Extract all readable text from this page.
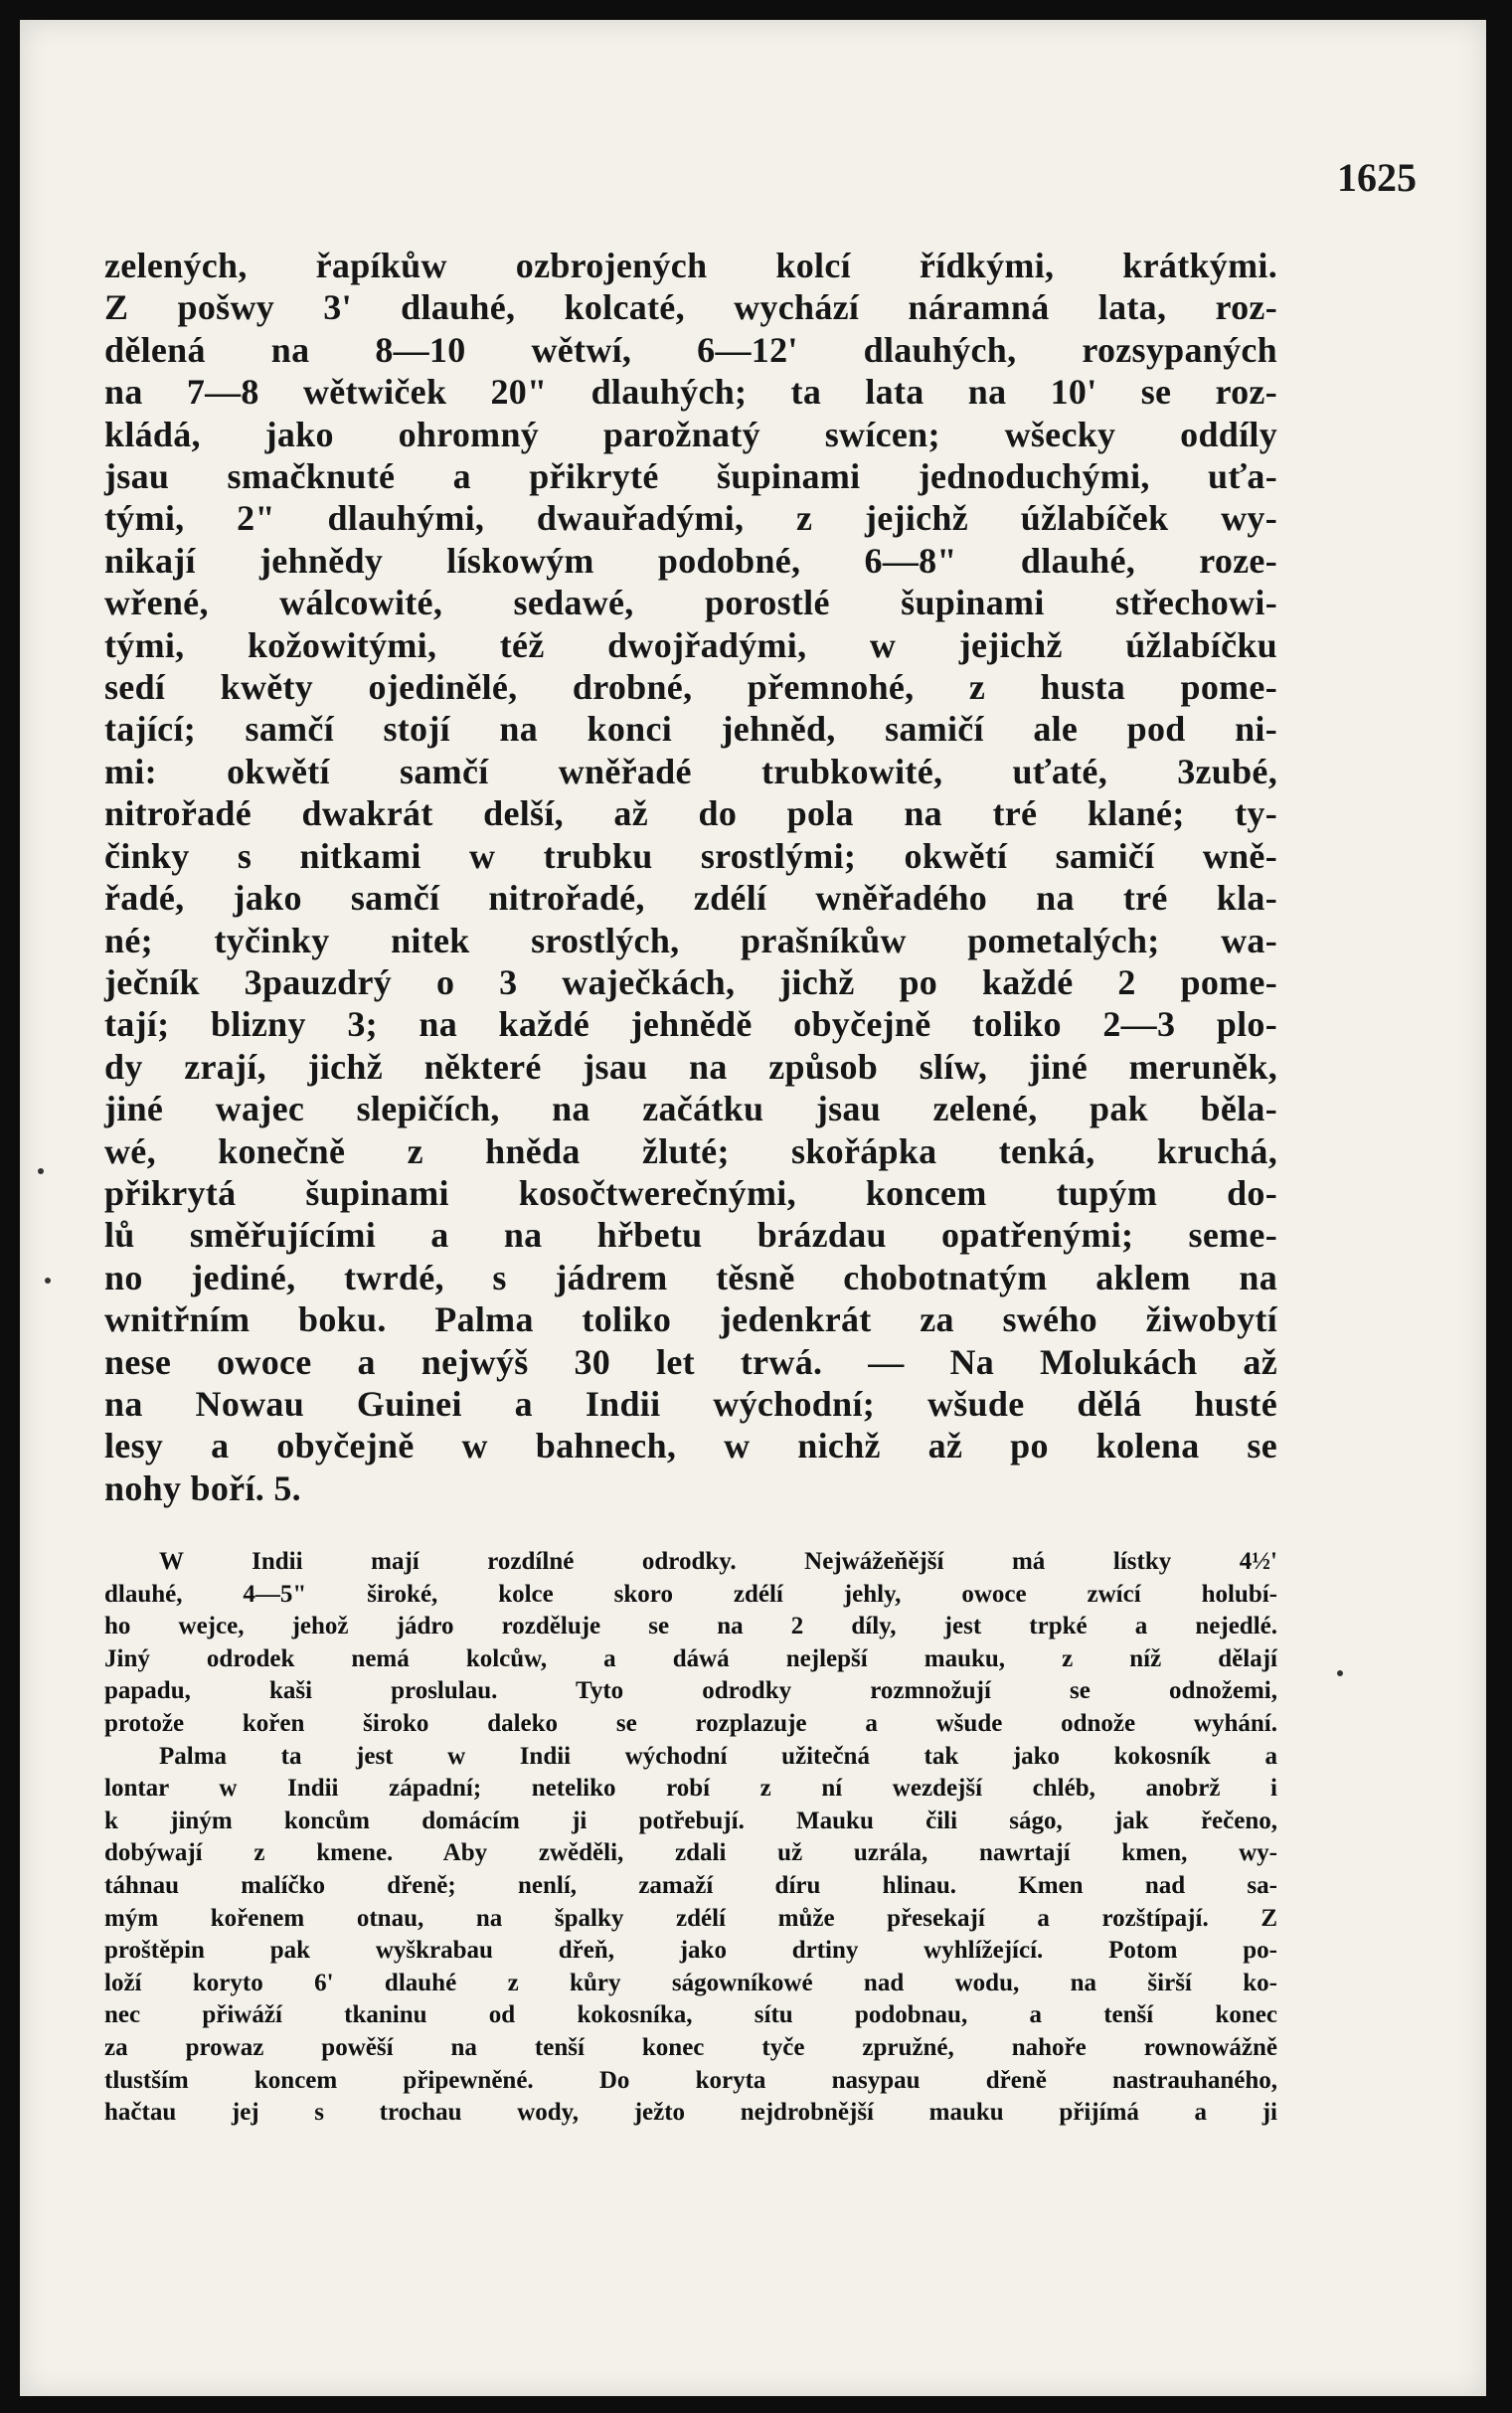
1625
zelených, řapíkůw ozbrojených kolcí řídkými, krátkými.
Z pošwy 3' dlauhé, kolcaté, wychází náramná lata, roz-
dělená na 8—10 wětwí, 6—12' dlauhých, rozsypaných
na 7—8 wětwiček 20" dlauhých; ta lata na 10' se roz-
kládá, jako ohromný parožnatý swícen; wšecky oddíly
jsau smačknuté a přikryté šupinami jednoduchými, uťa-
tými, 2" dlauhými, dwauřadými, z jejichž úžlabíček wy-
nikají jehnědy lískowým podobné, 6—8" dlauhé, roze-
wřené, wálcowité, sedawé, porostlé šupinami střechowi-
tými, kožowitými, též dwojřadými, w jejichž úžlabíčku
sedí kwěty ojedinělé, drobné, přemnohé, z husta pome-
tající; samčí stojí na konci jehněd, samičí ale pod ni-
mi: okwětí samčí wněřadé trubkowité, uťaté, 3zubé,
nitrořadé dwakrát delší, až do pola na tré klané; ty-
činky s nitkami w trubku srostlými; okwětí samičí wně-
řadé, jako samčí nitrořadé, zdélí wněřadého na tré kla-
né; tyčinky nitek srostlých, prašníkůw pometalých; wa-
ječník 3pauzdrý o 3 waječkách, jichž po každé 2 pome-
tají; blizny 3; na každé jehnědě obyčejně toliko 2—3 plo-
dy zrají, jichž některé jsau na způsob slíw, jiné meruněk,
jiné wajec slepičích, na začátku jsau zelené, pak běla-
wé, konečně z hněda žluté; skořápka tenká, kruchá,
přikrytá šupinami kosočtwerečnými, koncem tupým do-
lů směřujícími a na hřbetu brázdau opatřenými; seme-
no jediné, twrdé, s jádrem těsně chobotnatým aklem na
wnitřním boku. Palma toliko jedenkrát za swého žiwobytí
nese owoce a nejwýš 30 let trwá. — Na Molukách až
na Nowau Guinei a Indii wýchodní; wšude dělá husté
lesy a obyčejně w bahnech, w nichž až po kolena se
nohy boří. 5.
W Indii mají rozdílné odrodky. Nejwážeňější má lístky 4½'
dlauhé, 4—5" široké, kolce skoro zdélí jehly, owoce zwící holubí-
ho wejce, jehož jádro rozděluje se na 2 díly, jest trpké a nejedlé.
Jiný odrodek nemá kolcůw, a dáwá nejlepší mauku, z níž dělají
papadu, kaši proslulau. Tyto odrodky rozmnožují se odnožemi,
protože kořen široko daleko se rozplazuje a wšude odnože wyhání.
Palma ta jest w Indii wýchodní užitečná tak jako kokosník a
lontar w Indii západní; neteliko robí z ní wezdejší chléb, anobrž i
k jiným koncům domácím ji potřebují. Mauku čili ságo, jak řečeno,
dobýwají z kmene. Aby zwěděli, zdali už uzrála, nawrtají kmen, wy-
táhnau malíčko dřeně; nenlí, zamaží díru hlinau. Kmen nad sa-
mým kořenem otnau, na špalky zdélí může přesekají a rozštípají. Z
proštěpin pak wyškrabau dřeň, jako drtiny wyhlížející. Potom po-
loží koryto 6' dlauhé z kůry ságowníkowé nad wodu, na širší ko-
nec přiwáží tkaninu od kokosníka, sítu podobnau, a tenší konec
za prowaz powěší na tenší konec tyče zpružné, nahoře rownowážně
tlustším koncem připewněné. Do koryta nasypau dřeně nastrauhaného,
hačtau jej s trochau wody, ježto nejdrobnější mauku přijímá a ji
